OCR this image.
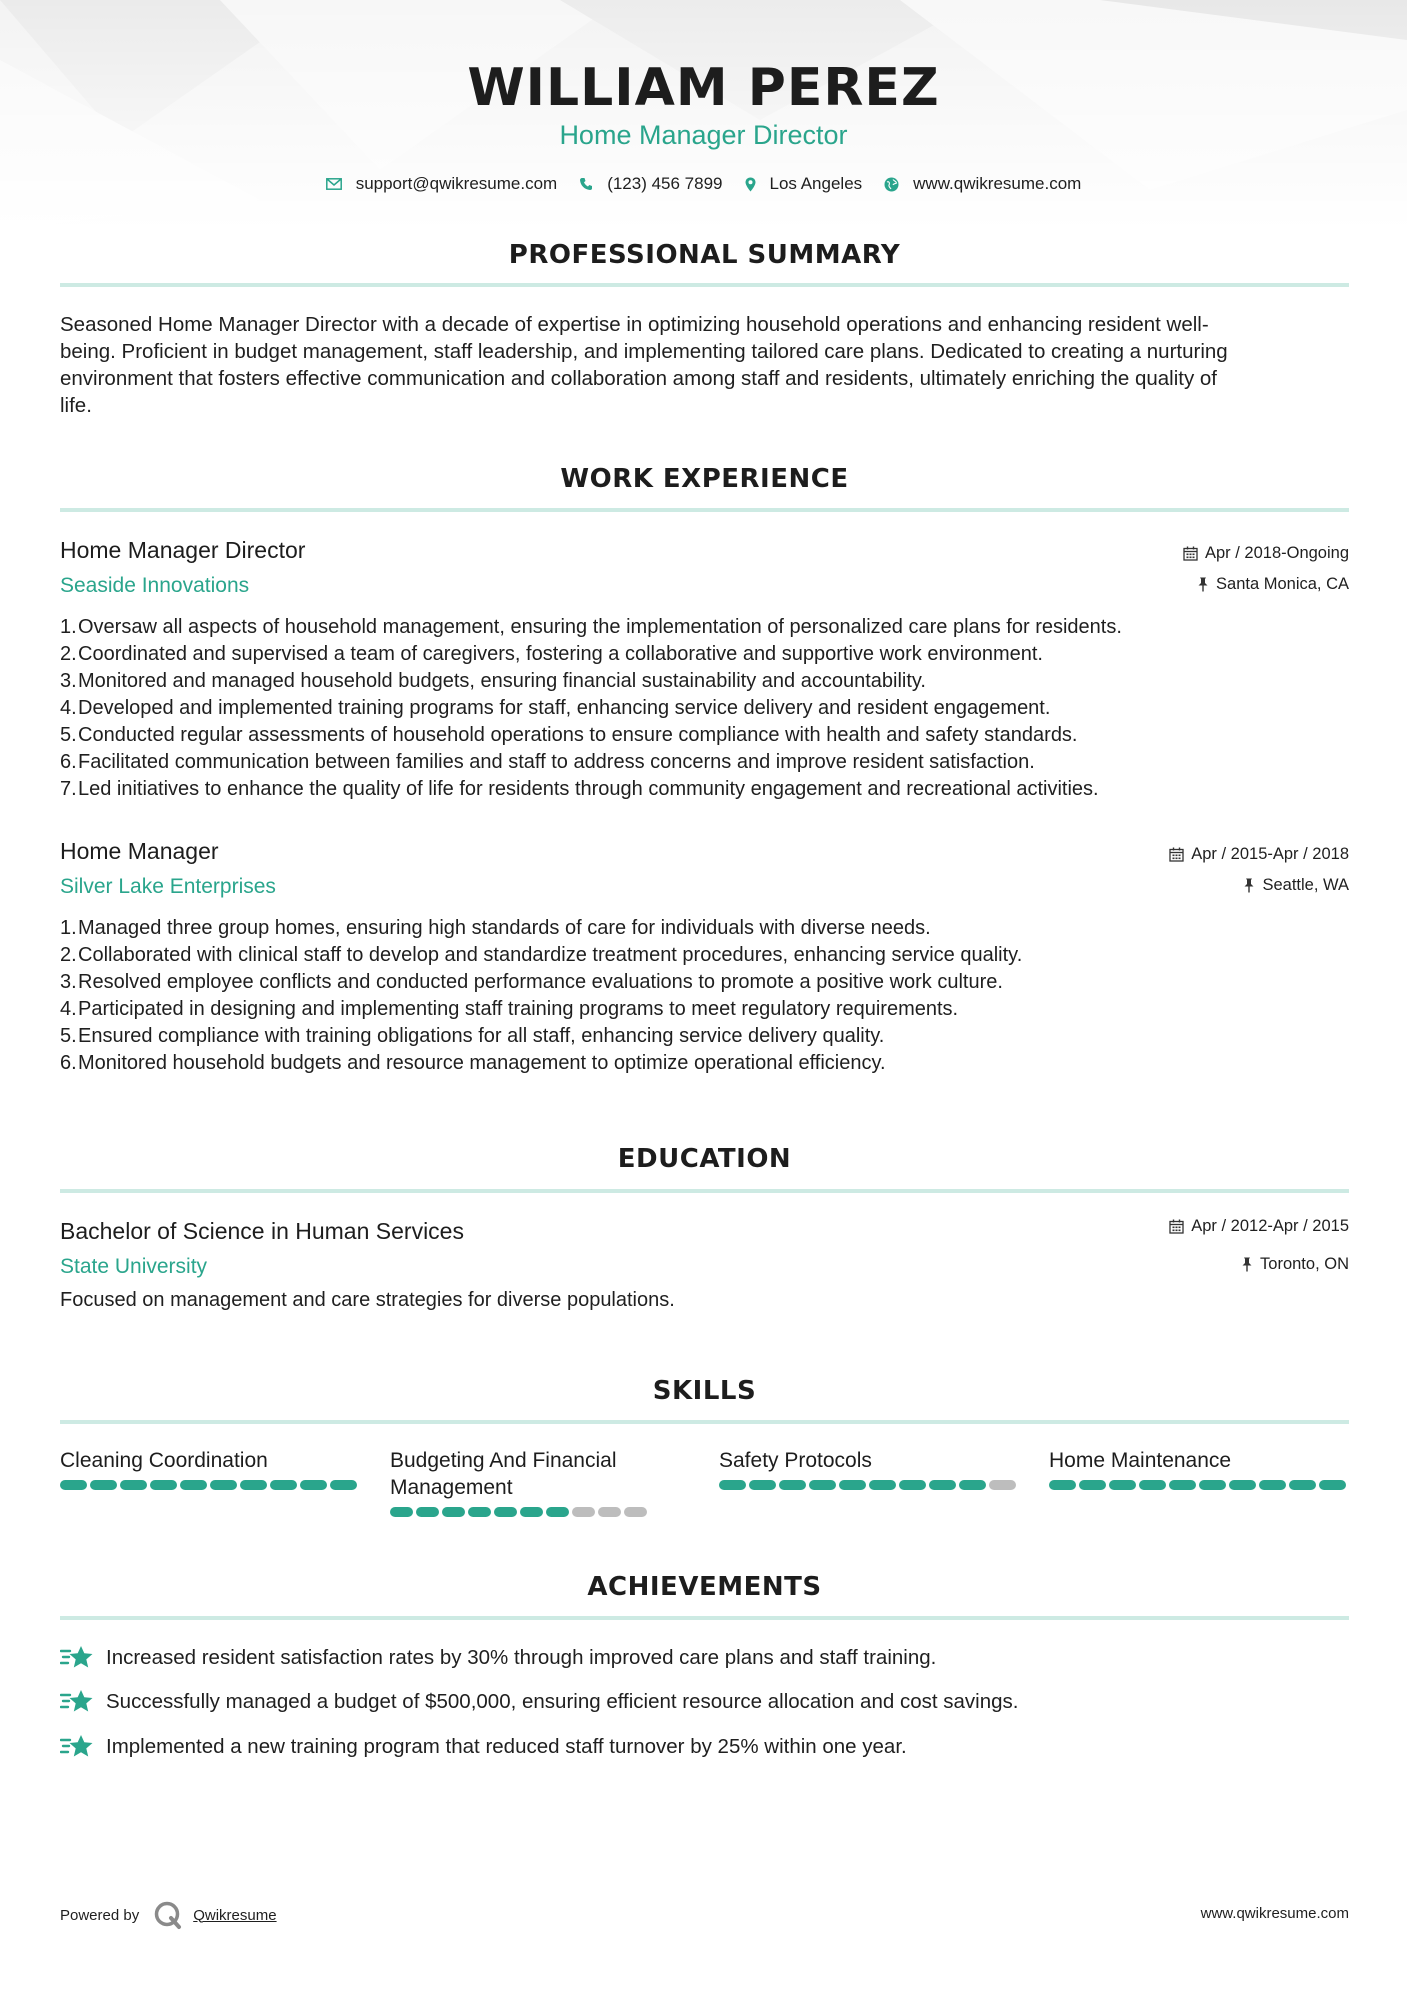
WILLIAM PEREZ
Home Manager Director
support@qwikresume.com	(123) 456 7899	Los Angeles	www.qwikresume.com
PROFESSIONAL SUMMARY
Seasoned Home Manager Director with a decade of expertise in optimizing household operations and enhancing resident well-
being. Proficient in budget management, staff leadership, and implementing tailored care plans. Dedicated to creating a nurturing
environment that fosters effective communication and collaboration among staff and residents, ultimately enriching the quality of
life.
WORK EXPERIENCE
Home Manager Director
Seaside Innovations
Apr / 2018-Ongoing
Santa Monica, CA
1. Oversaw all aspects of household management, ensuring the implementation of personalized care plans for residents.
2. Coordinated and supervised a team of caregivers, fostering a collaborative and supportive work environment.
3. Monitored and managed household budgets, ensuring financial sustainability and accountability.
4. Developed and implemented training programs for staff, enhancing service delivery and resident engagement.
5. Conducted regular assessments of household operations to ensure compliance with health and safety standards.
6. Facilitated communication between families and staff to address concerns and improve resident satisfaction.
7. Led initiatives to enhance the quality of life for residents through community engagement and recreational activities.
Home Manager
Silver Lake Enterprises
Apr / 2015-Apr / 2018
Seattle, WA
1. Managed three group homes, ensuring high standards of care for individuals with diverse needs.
2. Collaborated with clinical staff to develop and standardize treatment procedures, enhancing service quality.
3. Resolved employee conflicts and conducted performance evaluations to promote a positive work culture.
4. Participated in designing and implementing staff training programs to meet regulatory requirements.
5. Ensured compliance with training obligations for all staff, enhancing service delivery quality.
6. Monitored household budgets and resource management to optimize operational efficiency.
EDUCATION
Bachelor of Science in Human Services
State University
Apr / 2012-Apr / 2015
Toronto, ON
Focused on management and care strategies for diverse populations.
SKILLS
Cleaning Coordination	Budgeting And Financial Management
Safety Protocols	Home Maintenance
ACHIEVEMENTS
Increased resident satisfaction rates by 30% through improved care plans and staff training.
Successfully managed a budget of $500,000, ensuring efficient resource allocation and cost savings.
Implemented a new training program that reduced staff turnover by 25% within one year.
Powered by	Qwikresume	www.qwikresume.com
